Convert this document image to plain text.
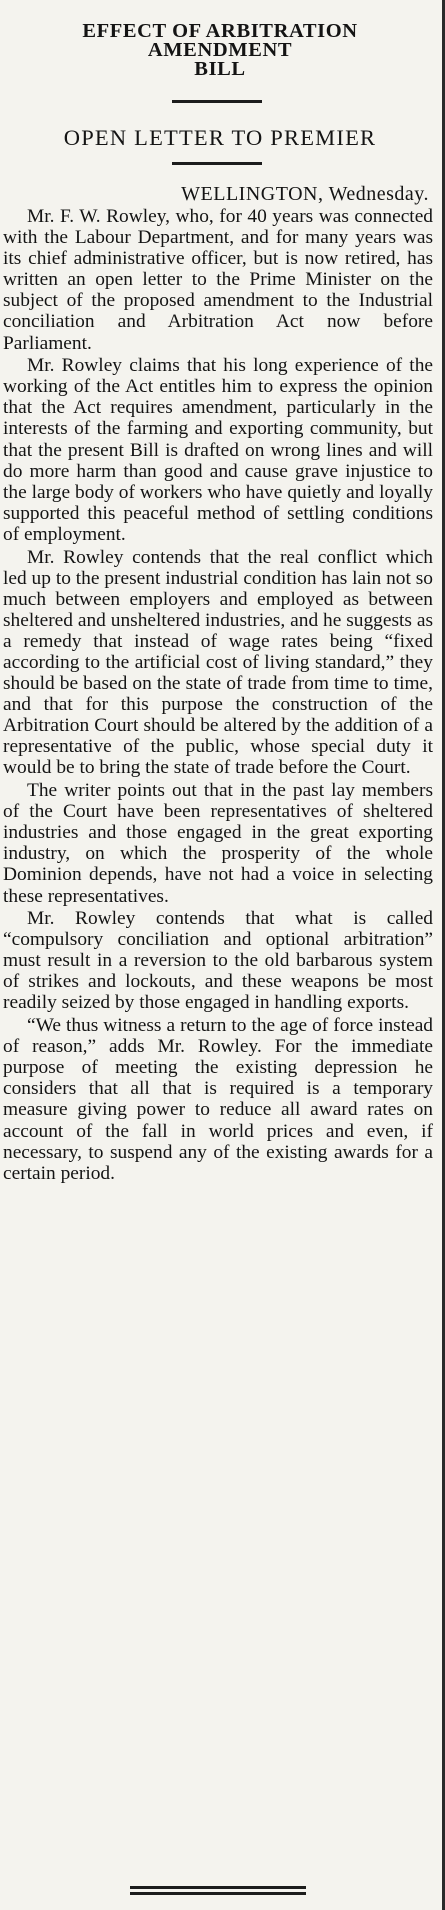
EFFECT OF ARBITRATION
AMENDMENT
BILL
OPEN LETTER TO PREMIER
WELLINGTON, Wednesday.

Mr. F. W. Rowley, who, for 40 years was connected with the Labour Department, and for many years was its chief administrative officer, but is now retired, has written an open letter to the Prime Minister on the subject of the proposed amendment to the Industrial conciliation and Arbitration Act now before Parliament.

Mr. Rowley claims that his long experience of the working of the Act entitles him to express the opinion that the Act requires amendment, particularly in the interests of the farming and exporting community, but that the present Bill is drafted on wrong lines and will do more harm than good and cause grave injustice to the large body of workers who have quietly and loyally supported this peaceful method of settling conditions of employment.

Mr. Rowley contends that the real conflict which led up to the present industrial condition has lain not so much between employers and employed as between sheltered and unsheltered industries, and he suggests as a remedy that instead of wage rates being “fixed according to the artificial cost of living standard,” they should be based on the state of trade from time to time, and that for this purpose the construction of the Arbitration Court should be altered by the addition of a representative of the public, whose special duty it would be to bring the state of trade before the Court.

The writer points out that in the past lay members of the Court have been representatives of sheltered industries and those engaged in the great exporting industry, on which the prosperity of the whole Dominion depends, have not had a voice in selecting these representatives.

Mr. Rowley contends that what is called “compulsory conciliation and optional arbitration” must result in a reversion to the old barbarous system of strikes and lockouts, and these weapons be most readily seized by those engaged in handling exports.

“We thus witness a return to the age of force instead of reason,” adds Mr. Rowley. For the immediate purpose of meeting the existing depression he considers that all that is required is a temporary measure giving power to reduce all award rates on account of the fall in world prices and even, if necessary, to suspend any of the existing awards for a certain period.
